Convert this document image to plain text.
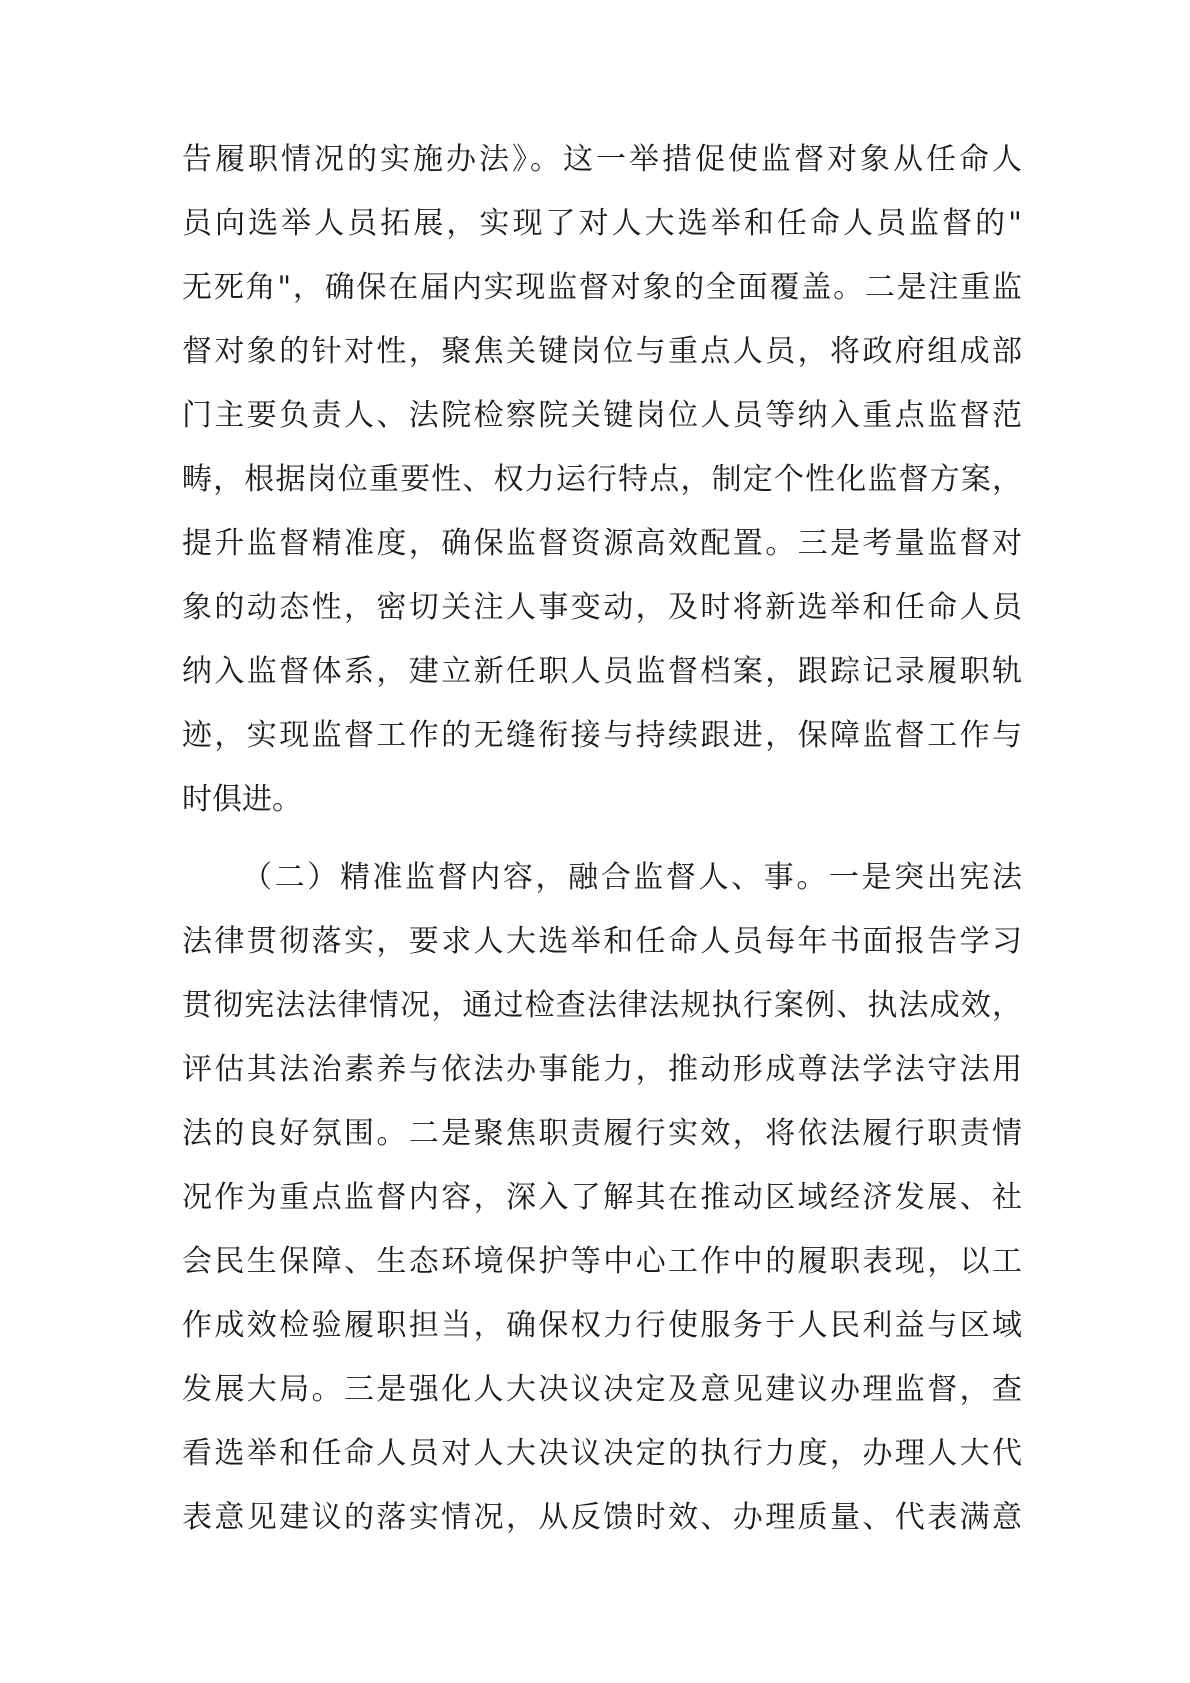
告履职情况的实施办法》。这一举措促使监督对象从任命人
员向选举人员拓展，实现了对人大选举和任命人员监督的"
无死角"，确保在届内实现监督对象的全面覆盖。二是注重监
督对象的针对性，聚焦关键岗位与重点人员，将政府组成部
门主要负责人、法院检察院关键岗位人员等纳入重点监督范
畴，根据岗位重要性、权力运行特点，制定个性化监督方案，
提升监督精准度，确保监督资源高效配置。三是考量监督对
象的动态性，密切关注人事变动，及时将新选举和任命人员
纳入监督体系，建立新任职人员监督档案，跟踪记录履职轨
迹，实现监督工作的无缝衔接与持续跟进，保障监督工作与
时俱进。
（二）精准监督内容，融合监督人、事。一是突出宪法
法律贯彻落实，要求人大选举和任命人员每年书面报告学习
贯彻宪法法律情况，通过检查法律法规执行案例、执法成效，
评估其法治素养与依法办事能力，推动形成尊法学法守法用
法的良好氛围。二是聚焦职责履行实效，将依法履行职责情
况作为重点监督内容，深入了解其在推动区域经济发展、社
会民生保障、生态环境保护等中心工作中的履职表现，以工
作成效检验履职担当，确保权力行使服务于人民利益与区域
发展大局。三是强化人大决议决定及意见建议办理监督，查
看选举和任命人员对人大决议决定的执行力度，办理人大代
表意见建议的落实情况，从反馈时效、办理质量、代表满意
